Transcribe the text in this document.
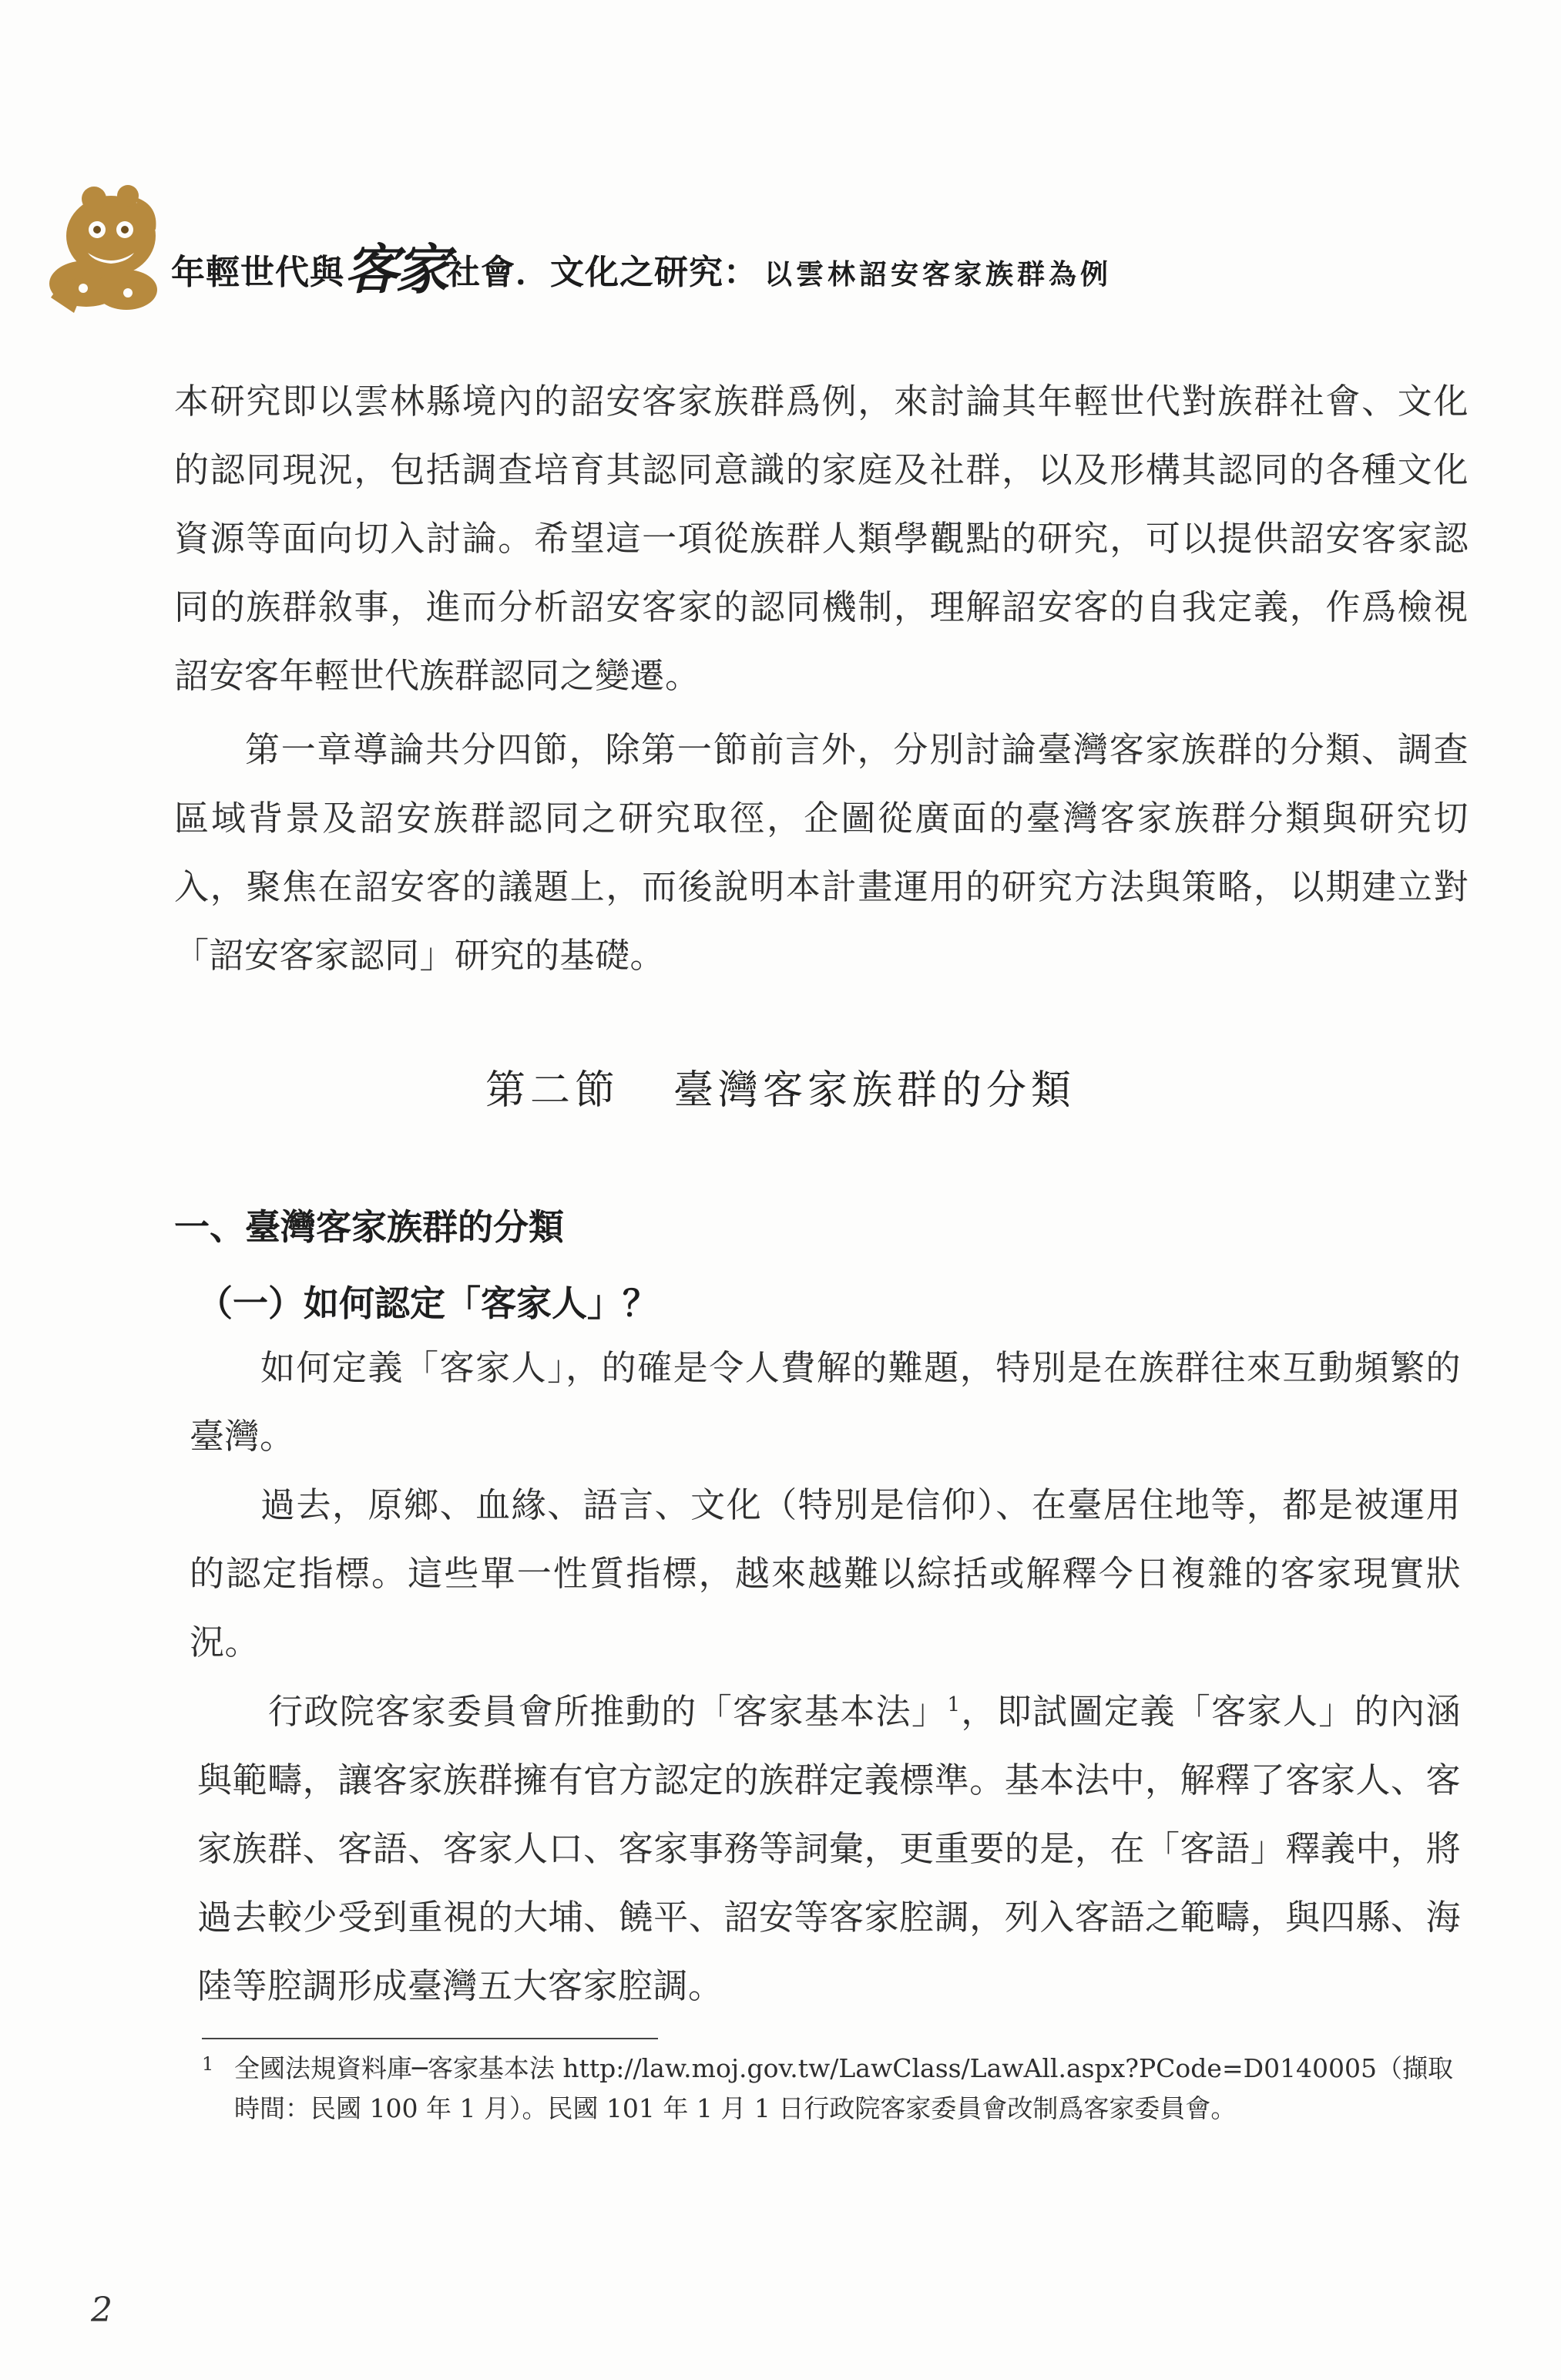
年輕世代與客家社會．文化之研究： 以雲林詔安客家族群為例
本研究即以雲林縣境內的詔安客家族群爲例，來討論其年輕世代對族群社會、文化的認同現況，包括調查培育其認同意識的家庭及社群，以及形構其認同的各種文化資源等面向切入討論。希望這一項從族群人類學觀點的研究，可以提供詔安客家認同的族群敘事，進而分析詔安客家的認同機制，理解詔安客的自我定義，作爲檢視詔安客年輕世代族群認同之變遷。
第一章導論共分四節，除第一節前言外，分別討論臺灣客家族群的分類、調查區域背景及詔安族群認同之研究取徑，企圖從廣面的臺灣客家族群分類與研究切入，聚焦在詔安客的議題上，而後說明本計畫運用的研究方法與策略，以期建立對「詔安客家認同」研究的基礎。
第二節 臺灣客家族群的分類
一、臺灣客家族群的分類
（一）如何認定「客家人」？
如何定義「客家人」，的確是令人費解的難題，特別是在族群往來互動頻繁的臺灣。
過去，原鄉、血緣、語言、文化（特別是信仰）、在臺居住地等，都是被運用的認定指標。這些單一性質指標，越來越難以綜括或解釋今日複雜的客家現實狀況。
行政院客家委員會所推動的「客家基本法」$^1$，即試圖定義「客家人」的內涵與範疇，讓客家族群擁有官方認定的族群定義標準。基本法中，解釋了客家人、客家族群、客語、客家人口、客家事務等詞彙，更重要的是，在「客語」釋義中，將過去較少受到重視的大埔、饒平、詔安等客家腔調，列入客語之範疇，與四縣、海陸等腔調形成臺灣五大客家腔調。
1 全國法規資料庫─客家基本法 http://law.moj.gov.tw/LawClass/LawAll.aspx?PCode=D0140005（擷取時間：民國 100 年 1 月）。民國 101 年 1 月 1 日行政院客家委員會改制爲客家委員會。
2
